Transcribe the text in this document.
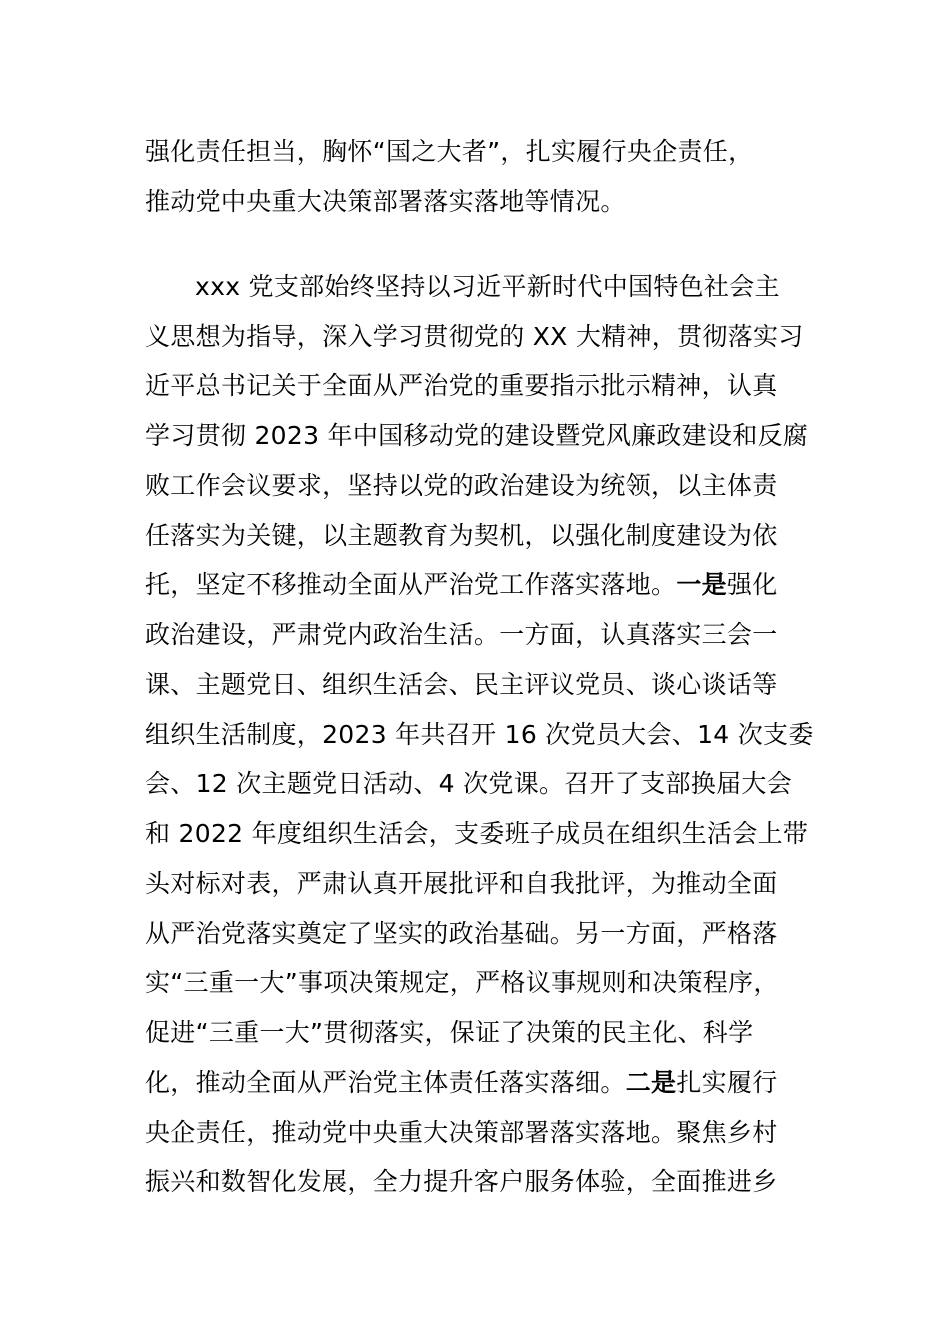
强化责任担当，胸怀“国之大者”，扎实履行央企责任，
推动党中央重大决策部署落实落地等情况。
xxx 党支部始终坚持以习近平新时代中国特色社会主
义思想为指导，深入学习贯彻党的 XX 大精神，贯彻落实习
近平总书记关于全面从严治党的重要指示批示精神，认真
学习贯彻 2023 年中国移动党的建设暨党风廉政建设和反腐
败工作会议要求，坚持以党的政治建设为统领，以主体责
任落实为关键，以主题教育为契机，以强化制度建设为依
托，坚定不移推动全面从严治党工作落实落地。一是强化
政治建设，严肃党内政治生活。一方面，认真落实三会一
课、主题党日、组织生活会、民主评议党员、谈心谈话等
组织生活制度，2023 年共召开 16 次党员大会、14 次支委
会、12 次主题党日活动、4 次党课。召开了支部换届大会
和 2022 年度组织生活会，支委班子成员在组织生活会上带
头对标对表，严肃认真开展批评和自我批评，为推动全面
从严治党落实奠定了坚实的政治基础。另一方面，严格落
实“三重一大”事项决策规定，严格议事规则和决策程序，
促进“三重一大”贯彻落实，保证了决策的民主化、科学
化，推动全面从严治党主体责任落实落细。二是扎实履行
央企责任，推动党中央重大决策部署落实落地。聚焦乡村
振兴和数智化发展，全力提升客户服务体验，全面推进乡
